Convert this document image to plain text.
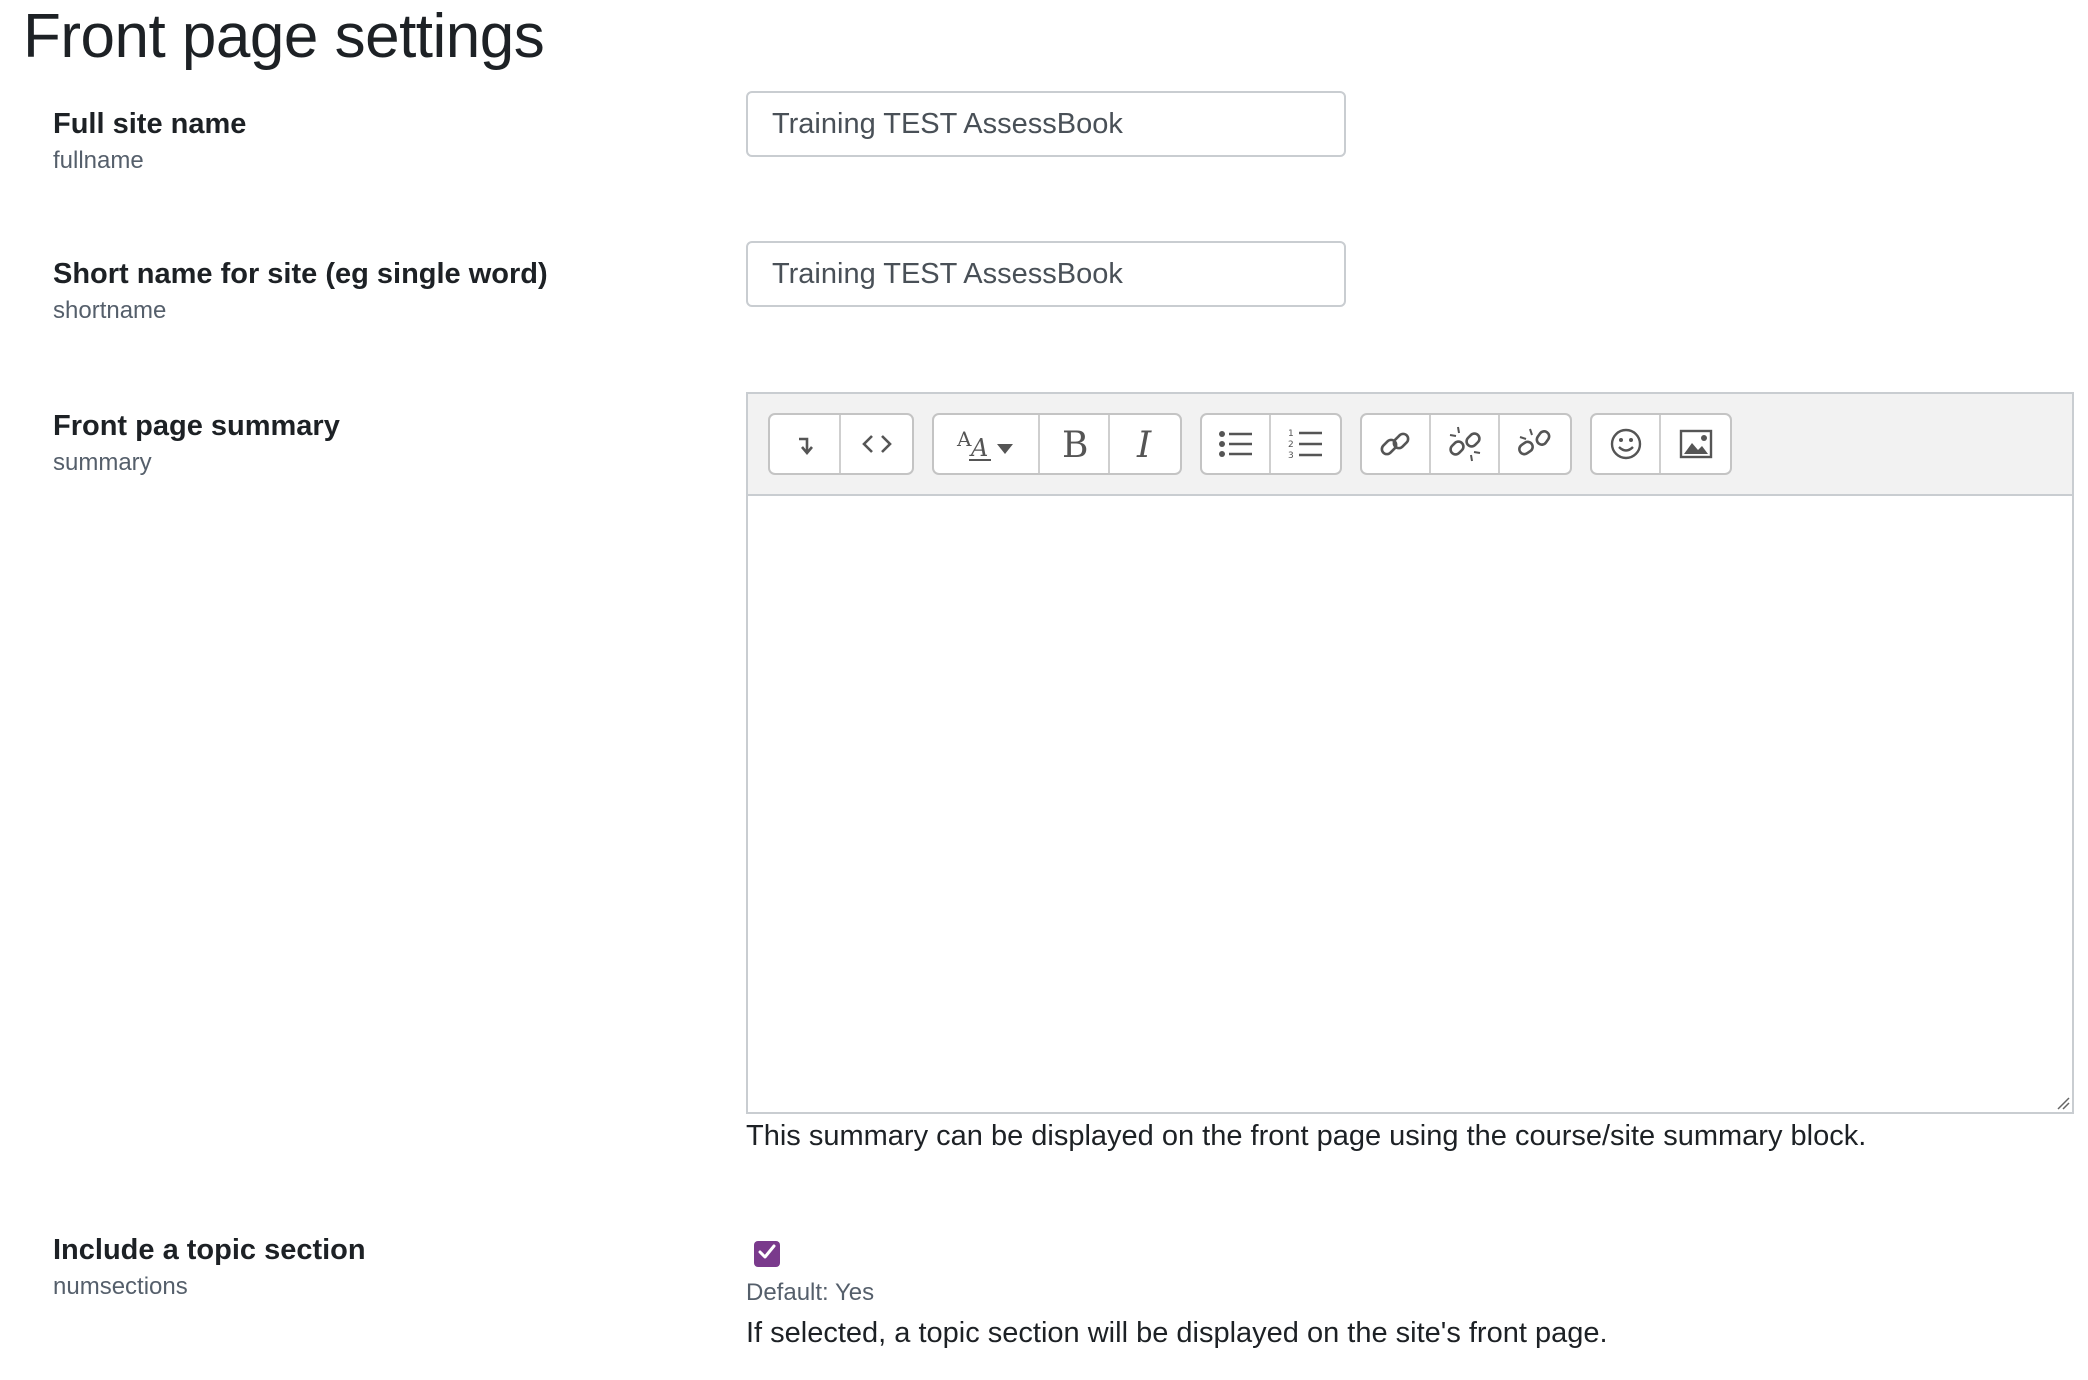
Front page settings
Full site name
fullname
Training TEST AssessBook
Short name for site (eg single word)
shortname
Training TEST AssessBook
Front page summary
summary
A A B I	1
2
3
This summary can be displayed on the front page using the course/site summary block.
Include a topic section
numsections	Default: Yes
If selected, a topic section will be displayed on the site's front page.
